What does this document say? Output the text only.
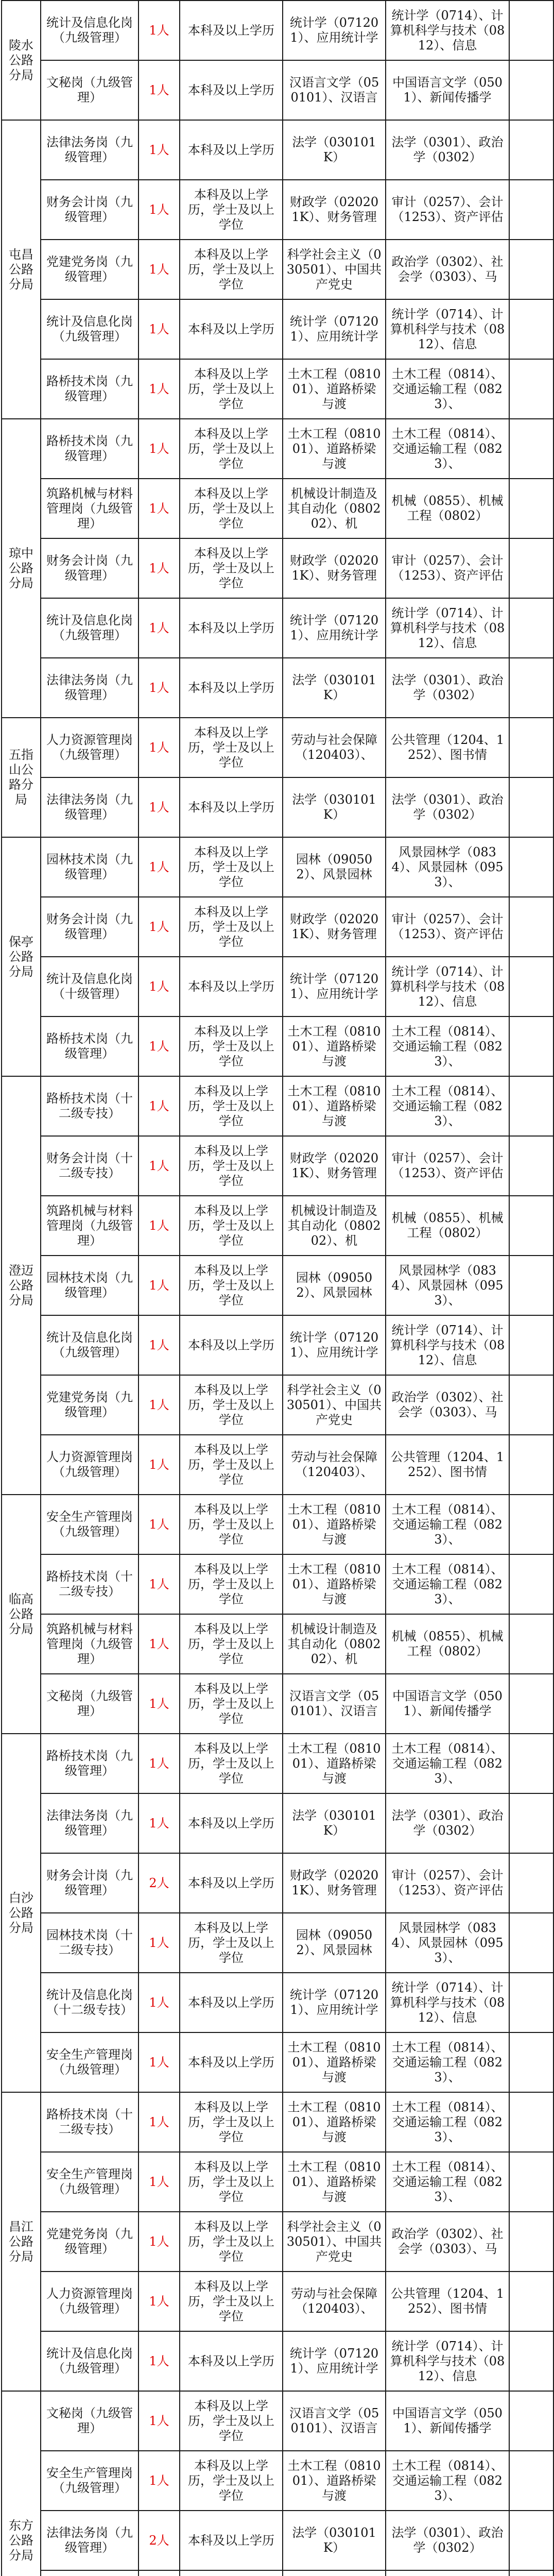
陵水公路分局	统计及信息化岗（九级管理）	1人	本科及以上学历	统计学（071201）、应用统计学	统计学（0714）、计算机科学与技术（0812）、信息	

	文秘岗（九级管理）	1人	本科及以上学历	汉语言文学（050101）、汉语言	中国语言文学（0501）、新闻传播学	

屯昌公路分局	法律法务岗（九级管理）	1人	本科及以上学历	法学（030101K）	法学（0301）、政治学（0302）	

	财务会计岗（九级管理）	1人	本科及以上学历，学士及以上学位	财政学（020201K）、财务管理	审计（0257）、会计（1253）、资产评估	

	党建党务岗（九级管理）	1人	本科及以上学历，学士及以上学位	科学社会主义（030501）、中国共产党史	政治学（0302）、社会学（0303）、马	

	统计及信息化岗（九级管理）	1人	本科及以上学历	统计学（071201）、应用统计学	统计学（0714）、计算机科学与技术（0812）、信息	

	路桥技术岗（九级管理）	1人	本科及以上学历，学士及以上学位	土木工程（081001）、道路桥梁与渡	土木工程（0814）、交通运输工程（0823）、	

琼中公路分局	路桥技术岗（九级管理）	1人	本科及以上学历，学士及以上学位	土木工程（081001）、道路桥梁与渡	土木工程（0814）、交通运输工程（0823）、	

	筑路机械与材料管理岗（九级管理）	1人	本科及以上学历，学士及以上学位	机械设计制造及其自动化（080202）、机	机械（0855）、机械工程（0802）	

	财务会计岗（九级管理）	1人	本科及以上学历，学士及以上学位	财政学（020201K）、财务管理	审计（0257）、会计（1253）、资产评估	

	统计及信息化岗（九级管理）	1人	本科及以上学历	统计学（071201）、应用统计学	统计学（0714）、计算机科学与技术（0812）、信息	

	法律法务岗（九级管理）	1人	本科及以上学历	法学（030101K）	法学（0301）、政治学（0302）	

五指山公路分局	人力资源管理岗（九级管理）	1人	本科及以上学历，学士及以上学位	劳动与社会保障（120403）、	公共管理（1204、1252）、图书情	

	法律法务岗（九级管理）	1人	本科及以上学历	法学（030101K）	法学（0301）、政治学（0302）	

保亭公路分局	园林技术岗（九级管理）	1人	本科及以上学历，学士及以上学位	园林（090502）、风景园林	风景园林学（0834）、风景园林（0953）、	

	财务会计岗（九级管理）	1人	本科及以上学历，学士及以上学位	财政学（020201K）、财务管理	审计（0257）、会计（1253）、资产评估	

	统计及信息化岗（十级管理）	1人	本科及以上学历	统计学（071201）、应用统计学	统计学（0714）、计算机科学与技术（0812）、信息	

	路桥技术岗（九级管理）	1人	本科及以上学历，学士及以上学位	土木工程（081001）、道路桥梁与渡	土木工程（0814）、交通运输工程（0823）、	

澄迈公路分局	路桥技术岗（十二级专技）	1人	本科及以上学历，学士及以上学位	土木工程（081001）、道路桥梁与渡	土木工程（0814）、交通运输工程（0823）、	

	财务会计岗（十二级专技）	1人	本科及以上学历，学士及以上学位	财政学（020201K）、财务管理	审计（0257）、会计（1253）、资产评估	

	筑路机械与材料管理岗（九级管理）	1人	本科及以上学历，学士及以上学位	机械设计制造及其自动化（080202）、机	机械（0855）、机械工程（0802）	

	园林技术岗（九级管理）	1人	本科及以上学历，学士及以上学位	园林（090502）、风景园林	风景园林学（0834）、风景园林（0953）、	

	统计及信息化岗（九级管理）	1人	本科及以上学历	统计学（071201）、应用统计学	统计学（0714）、计算机科学与技术（0812）、信息	

	党建党务岗（九级管理）	1人	本科及以上学历，学士及以上学位	科学社会主义（030501）、中国共产党史	政治学（0302）、社会学（0303）、马	

	人力资源管理岗（九级管理）	1人	本科及以上学历，学士及以上学位	劳动与社会保障（120403）、	公共管理（1204、1252）、图书情	

临高公路分局	安全生产管理岗（九级管理）	1人	本科及以上学历，学士及以上学位	土木工程（081001）、道路桥梁与渡	土木工程（0814）、交通运输工程（0823）、	

	路桥技术岗（十二级专技）	1人	本科及以上学历，学士及以上学位	土木工程（081001）、道路桥梁与渡	土木工程（0814）、交通运输工程（0823）、	

	筑路机械与材料管理岗（九级管理）	1人	本科及以上学历，学士及以上学位	机械设计制造及其自动化（080202）、机	机械（0855）、机械工程（0802）	

	文秘岗（九级管理）	1人	本科及以上学历，学士及以上学位	汉语言文学（050101）、汉语言	中国语言文学（0501）、新闻传播学	

白沙公路分局	路桥技术岗（九级管理）	1人	本科及以上学历，学士及以上学位	土木工程（081001）、道路桥梁与渡	土木工程（0814）、交通运输工程（0823）、	

	法律法务岗（九级管理）	1人	本科及以上学历	法学（030101K）	法学（0301）、政治学（0302）	

	财务会计岗（九级管理）	2人	本科及以上学历	财政学（020201K）、财务管理	审计（0257）、会计（1253）、资产评估	

	园林技术岗（十二级专技）	1人	本科及以上学历，学士及以上学位	园林（090502）、风景园林	风景园林学（0834）、风景园林（0953）、	

	统计及信息化岗（十二级专技）	1人	本科及以上学历	统计学（071201）、应用统计学	统计学（0714）、计算机科学与技术（0812）、信息	

	安全生产管理岗（九级管理）	1人	本科及以上学历	土木工程（081001）、道路桥梁与渡	土木工程（0814）、交通运输工程（0823）、	

昌江公路分局	路桥技术岗（十二级专技）	1人	本科及以上学历，学士及以上学位	土木工程（081001）、道路桥梁与渡	土木工程（0814）、交通运输工程（0823）、	

	安全生产管理岗（九级管理）	1人	本科及以上学历，学士及以上学位	土木工程（081001）、道路桥梁与渡	土木工程（0814）、交通运输工程（0823）、	

	党建党务岗（九级管理）	1人	本科及以上学历，学士及以上学位	科学社会主义（030501）、中国共产党史	政治学（0302）、社会学（0303）、马	

	人力资源管理岗（九级管理）	1人	本科及以上学历，学士及以上学位	劳动与社会保障（120403）、	公共管理（1204、1252）、图书情	

	统计及信息化岗（九级管理）	1人	本科及以上学历	统计学（071201）、应用统计学	统计学（0714）、计算机科学与技术（0812）、信息	

东方公路分局	文秘岗（九级管理）	1人	本科及以上学历，学士及以上学位	汉语言文学（050101）、汉语言	中国语言文学（0501）、新闻传播学	

	安全生产管理岗（九级管理）	1人	本科及以上学历，学士及以上学位	土木工程（081001）、道路桥梁与渡	土木工程（0814）、交通运输工程（0823）、	

	法律法务岗（九级管理）	2人	本科及以上学历	法学（030101K）	法学（0301）、政治学（0302）	
